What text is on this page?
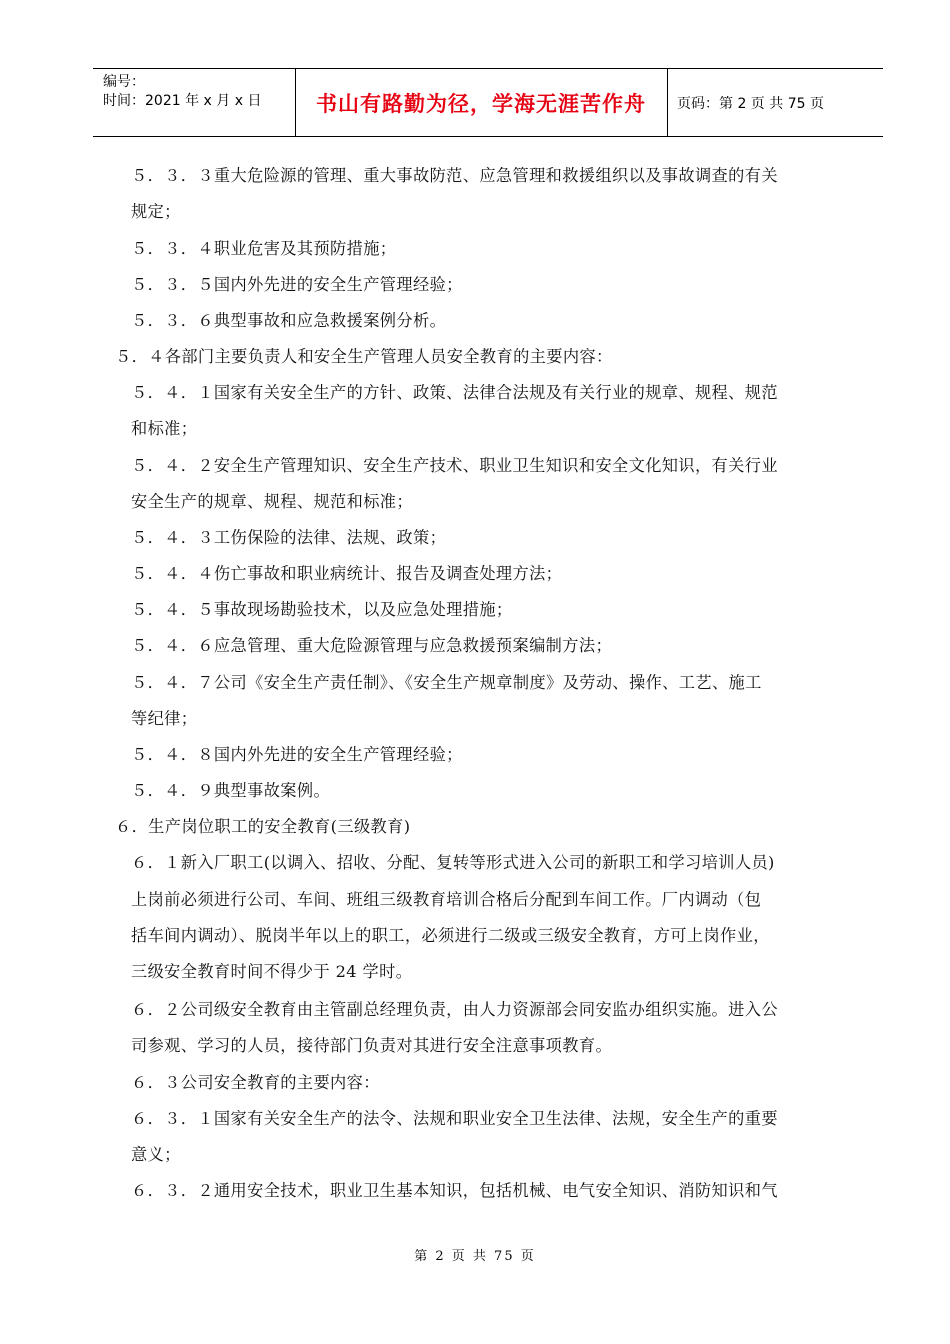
编号：
时间：2021 年 x 月 x 日	书山有路勤为径，学海无涯苦作舟	页码：第 2 页 共 75 页
５．３．３重大危险源的管理、重大事故防范、应急管理和救援组织以及事故调查的有关
规定；
５．３．４职业危害及其预防措施；
５．３．５国内外先进的安全生产管理经验；
５．３．６典型事故和应急救援案例分析。
５．４各部门主要负责人和安全生产管理人员安全教育的主要内容：
５．４．１国家有关安全生产的方针、政策、法律合法规及有关行业的规章、规程、规范
和标准；
５．４．２安全生产管理知识、安全生产技术、职业卫生知识和安全文化知识，有关行业
安全生产的规章、规程、规范和标准；
５．４．３工伤保险的法律、法规、政策；
５．４．４伤亡事故和职业病统计、报告及调查处理方法；
５．４．５事故现场勘验技术，以及应急处理措施；
５．４．６应急管理、重大危险源管理与应急救援预案编制方法；
５．４．７公司《安全生产责任制》、《安全生产规章制度》及劳动、操作、工艺、施工
等纪律；
５．４．８国内外先进的安全生产管理经验；
５．４．９典型事故案例。
６．生产岗位职工的安全教育(三级教育)
６．１新入厂职工(以调入、招收、分配、复转等形式进入公司的新职工和学习培训人员)
上岗前必须进行公司、车间、班组三级教育培训合格后分配到车间工作。厂内调动（包
括车间内调动）、脱岗半年以上的职工，必须进行二级或三级安全教育，方可上岗作业，
三级安全教育时间不得少于 24 学时。
６．２公司级安全教育由主管副总经理负责，由人力资源部会同安监办组织实施。进入公
司参观、学习的人员，接待部门负责对其进行安全注意事项教育。
６．３公司安全教育的主要内容：
６．３．１国家有关安全生产的法令、法规和职业安全卫生法律、法规，安全生产的重要
意义；
６．３．２通用安全技术，职业卫生基本知识，包括机械、电气安全知识、消防知识和气
第 2 页 共 75 页
